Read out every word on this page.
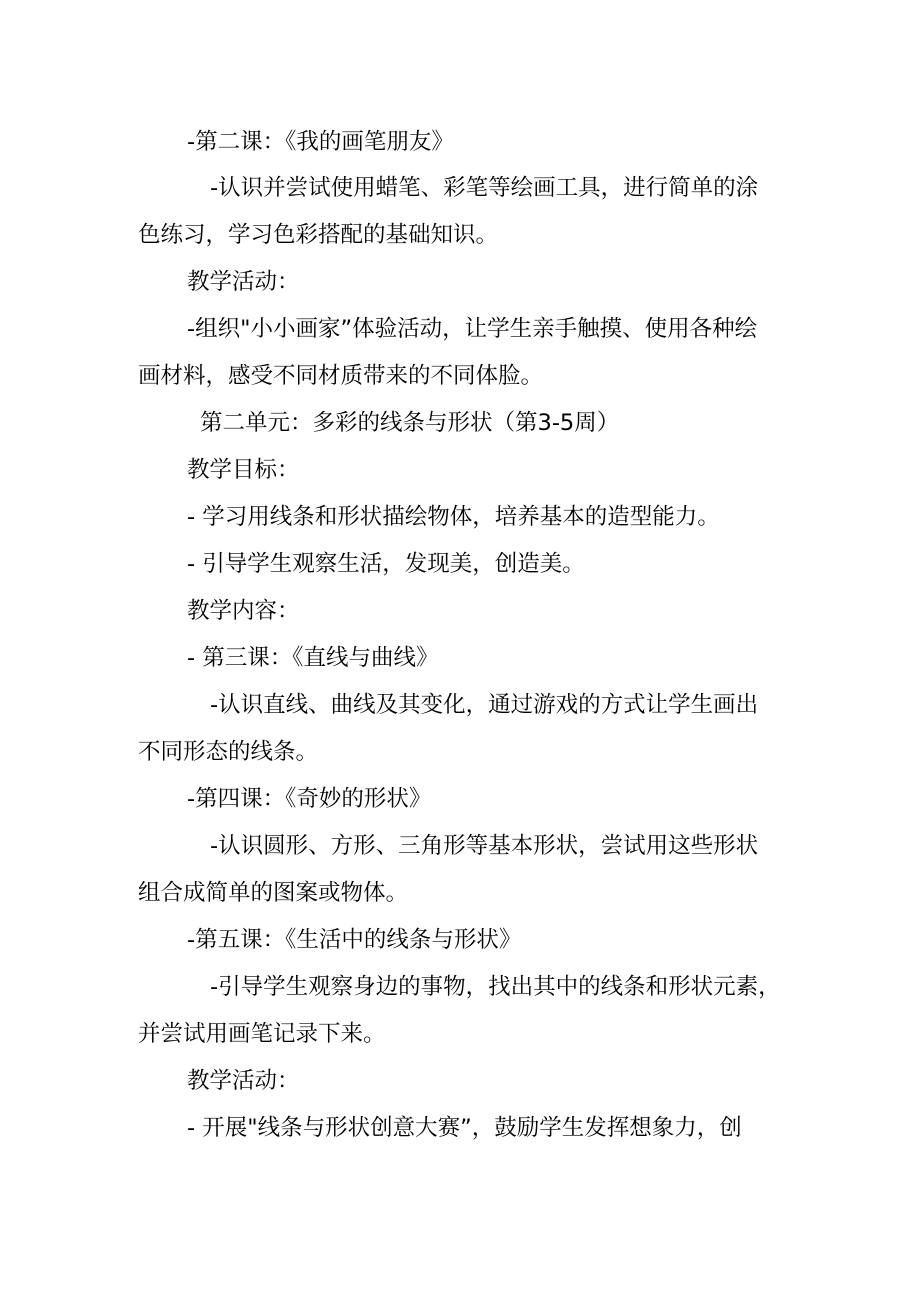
-第二课：《我的画笔朋友》

-认识并尝试使用蜡笔、彩笔等绘画工具，进行简单的涂

色练习，学习色彩搭配的基础知识。

教学活动：

-组织"小小画家”体验活动，让学生亲手触摸、使用各种绘

画材料，感受不同材质带来的不同体脸。

第二单元：多彩的线条与形状（第3-5周）

教学目标：

- 学习用线条和形状描绘物体，培养基本的造型能力。

- 引导学生观察生活，发现美，创造美。

教学内容：

- 第三课：《直线与曲线》

-认识直线、曲线及其变化，通过游戏的方式让学生画出

不同形态的线条。

-第四课：《奇妙的形状》

-认识圆形、方形、三角形等基本形状，尝试用这些形状

组合成简单的图案或物体。

-第五课：《生活中的线条与形状》

-引导学生观察身边的事物，找出其中的线条和形状元素，

并尝试用画笔记录下来。

教学活动：

- 开展"线条与形状创意大赛”，鼓励学生发挥想象力，创
